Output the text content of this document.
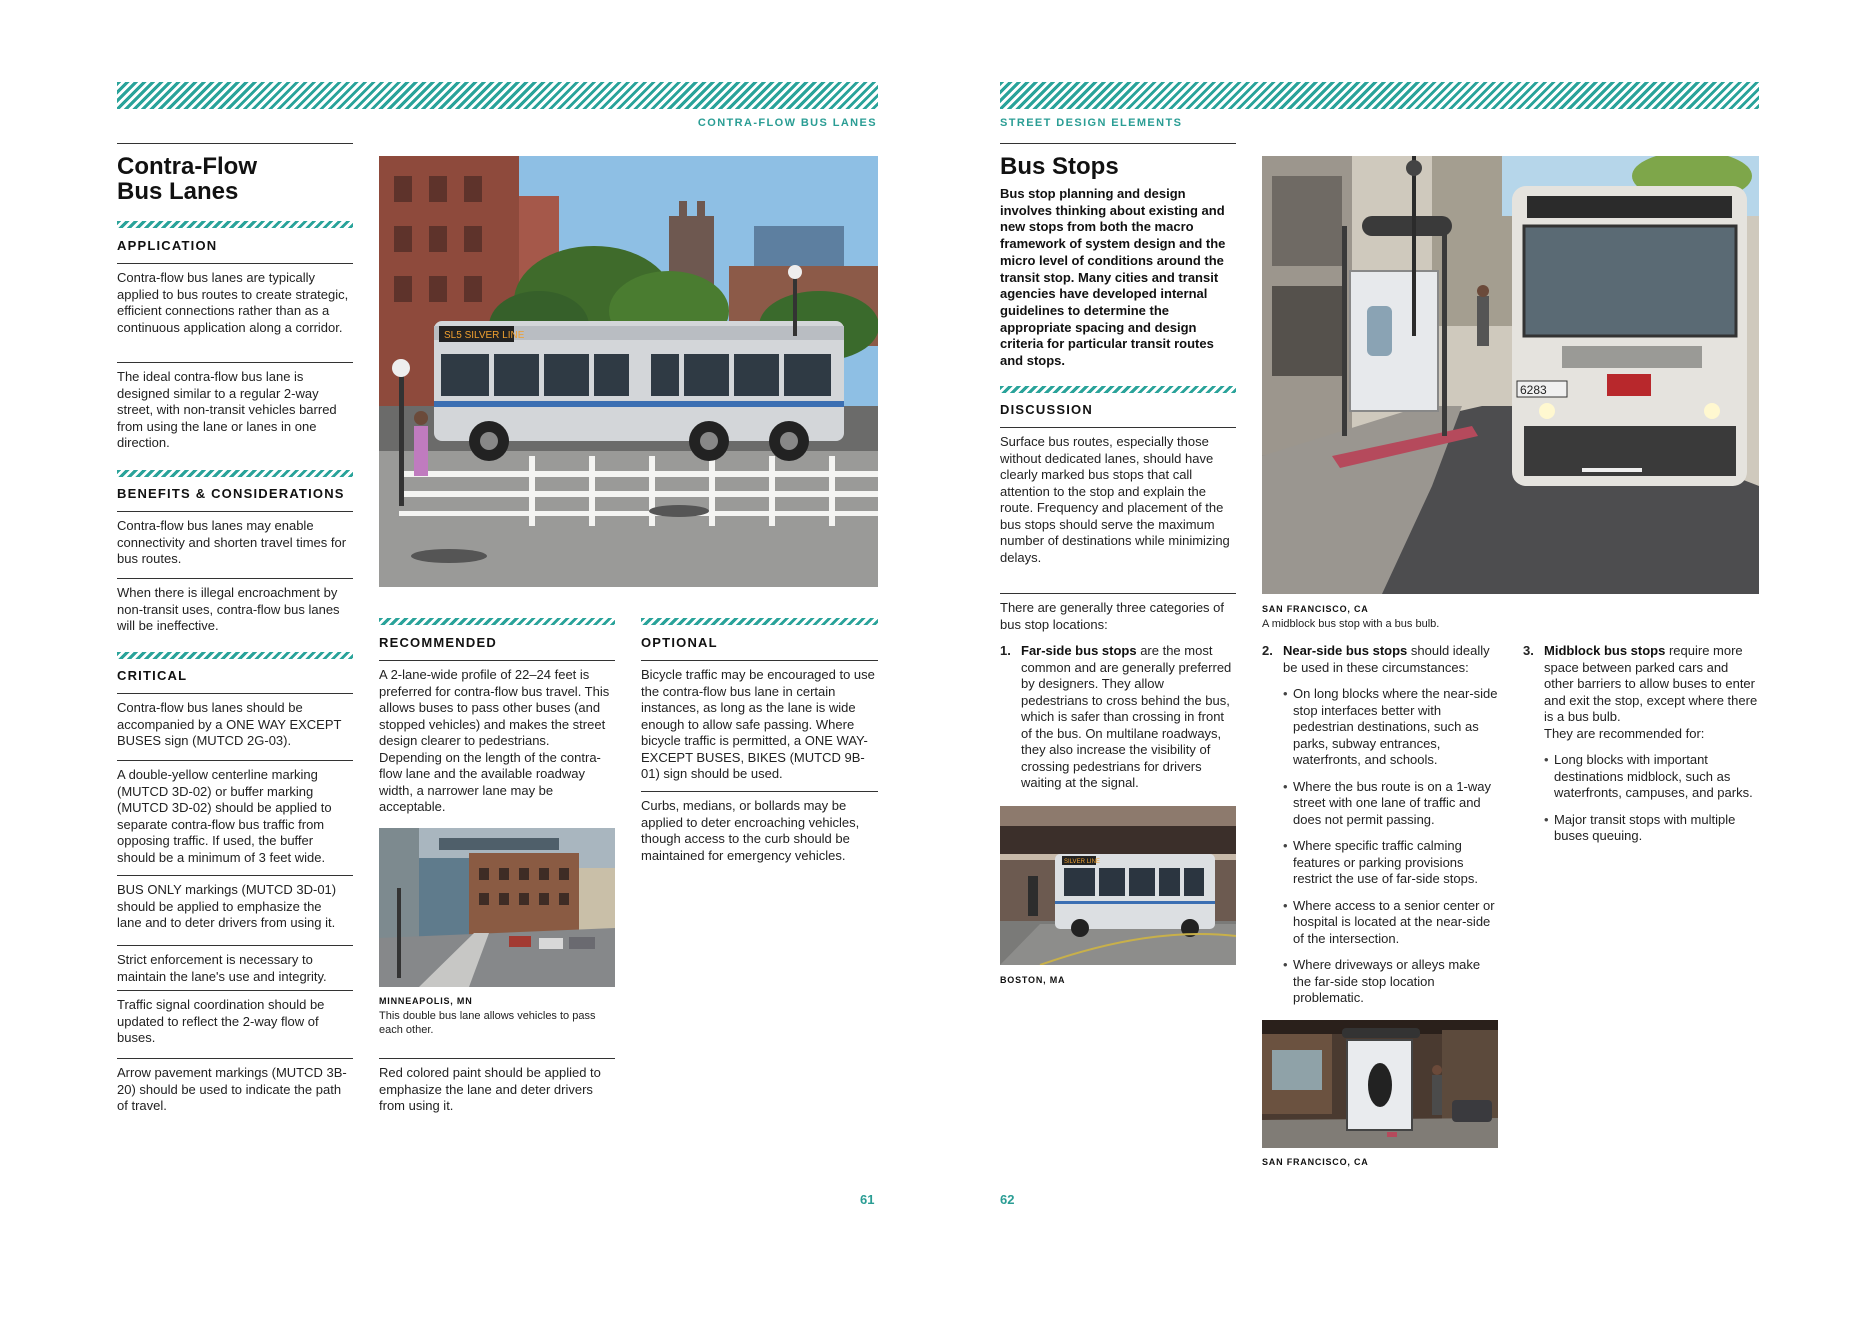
CONTRA-FLOW BUS LANES
Contra-Flow
Bus Lanes
APPLICATION
Contra-flow bus lanes are typically applied to bus routes to create strategic, efficient connections rather than as a continuous application along a corridor.
The ideal contra-flow bus lane is designed similar to a regular 2-way street, with non-transit vehicles barred from using the lane or lanes in one direction.
BENEFITS & CONSIDERATIONS
Contra-flow bus lanes may enable connectivity and shorten travel times for bus routes.
When there is illegal encroachment by non-transit uses, contra-flow bus lanes will be ineffective.
CRITICAL
Contra-flow bus lanes should be accompanied by a ONE WAY EXCEPT BUSES sign (MUTCD 2G-03).
A double-yellow centerline marking (MUTCD 3D-02) or buffer marking (MUTCD 3D-02) should be applied to separate contra-flow bus traffic from opposing traffic. If used, the buffer should be a minimum of 3 feet wide.
BUS ONLY markings (MUTCD 3D-01) should be applied to emphasize the lane and to deter drivers from using it.
Strict enforcement is necessary to maintain the lane's use and integrity.
Traffic signal coordination should be updated to reflect the 2-way flow of buses.
Arrow pavement markings (MUTCD 3B-20) should be used to indicate the path of travel.
SL5 SILVER LINE
RECOMMENDED
A 2-lane-wide profile of 22–24 feet is preferred for contra-flow bus travel. This allows buses to pass other buses (and stopped vehicles) and makes the street design clearer to pedestrians. Depending on the length of the contra-flow lane and the available roadway width, a narrower lane may be acceptable.
MINNEAPOLIS, MN
This double bus lane allows vehicles to pass each other.
Red colored paint should be applied to emphasize the lane and deter drivers from using it.
OPTIONAL
Bicycle traffic may be encouraged to use the contra-flow bus lane in certain instances, as long as the lane is wide enough to allow safe passing. Where bicycle traffic is permitted, a ONE WAY-EXCEPT BUSES, BIKES (MUTCD 9B-01) sign should be used.
Curbs, medians, or bollards may be applied to deter encroaching vehicles, though access to the curb should be maintained for emergency vehicles.
61
STREET DESIGN ELEMENTS
Bus Stops
Bus stop planning and design involves thinking about existing and new stops from both the macro framework of system design and the micro level of conditions around the transit stop. Many cities and transit agencies have developed internal guidelines to determine the appropriate spacing and design criteria for particular transit routes and stops.
DISCUSSION
Surface bus routes, especially those without dedicated lanes, should have clearly marked bus stops that call attention to the stop and explain the route. Frequency and placement of the bus stops should serve the maximum number of destinations while minimizing delays.
There are generally three categories of bus stop locations:
1. Far-side bus stops are the most common and are generally preferred by designers. They allow pedestrians to cross behind the bus, which is safer than crossing in front of the bus. On multilane roadways, they also increase the visibility of crossing pedestrians for drivers waiting at the signal.
SILVER LINE
BOSTON, MA
6283
SAN FRANCISCO, CA
A midblock bus stop with a bus bulb.
2. Near-side bus stops should ideally be used in these circumstances:
• On long blocks where the near-side stop interfaces better with pedestrian destinations, such as parks, subway entrances, waterfronts, and schools.
• Where the bus route is on a 1-way street with one lane of traffic and does not permit passing.
• Where specific traffic calming features or parking provisions restrict the use of far-side stops.
• Where access to a senior center or hospital is located at the near-side of the intersection.
• Where driveways or alleys make the far-side stop location problematic.
SAN FRANCISCO, CA
3. Midblock bus stops require more space between parked cars and other barriers to allow buses to enter and exit the stop, except where there is a bus bulb.
They are recommended for:
• Long blocks with important destinations midblock, such as waterfronts, campuses, and parks.
• Major transit stops with multiple buses queuing.
62
